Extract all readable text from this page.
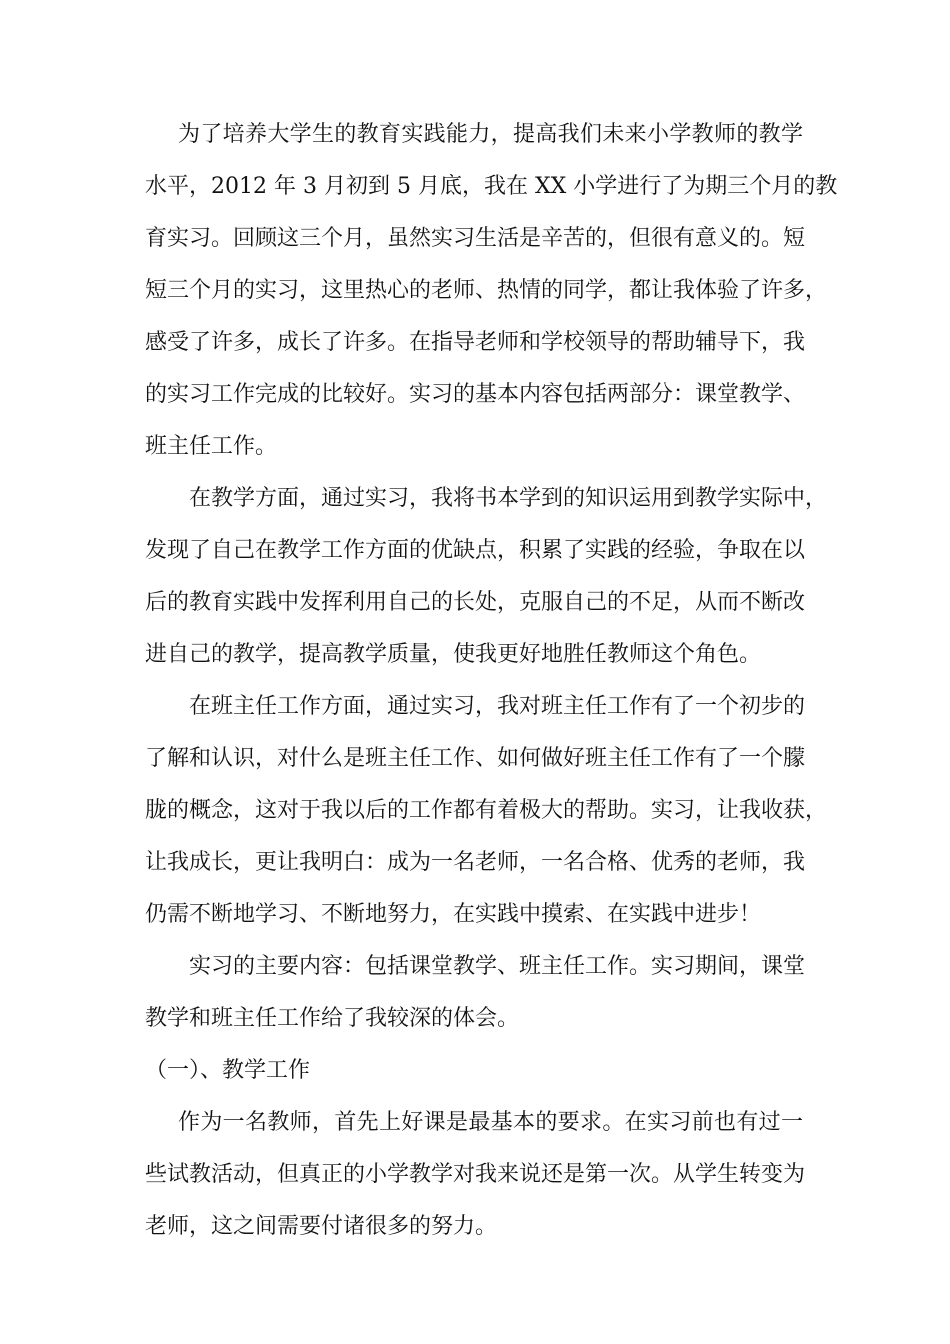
为了培养大学生的教育实践能力，提高我们未来小学教师的教学
水平，2012 年 3 月初到 5 月底，我在 XX 小学进行了为期三个月的教
育实习。回顾这三个月，虽然实习生活是辛苦的，但很有意义的。短
短三个月的实习，这里热心的老师、热情的同学，都让我体验了许多，
感受了许多，成长了许多。在指导老师和学校领导的帮助辅导下，我
的实习工作完成的比较好。实习的基本内容包括两部分：课堂教学、
班主任工作。
在教学方面，通过实习，我将书本学到的知识运用到教学实际中，
发现了自己在教学工作方面的优缺点，积累了实践的经验，争取在以
后的教育实践中发挥利用自己的长处，克服自己的不足，从而不断改
进自己的教学，提高教学质量，使我更好地胜任教师这个角色。
在班主任工作方面，通过实习，我对班主任工作有了一个初步的
了解和认识，对什么是班主任工作、如何做好班主任工作有了一个朦
胧的概念，这对于我以后的工作都有着极大的帮助。实习，让我收获，
让我成长，更让我明白：成为一名老师，一名合格、优秀的老师，我
仍需不断地学习、不断地努力，在实践中摸索、在实践中进步！
实习的主要内容：包括课堂教学、班主任工作。实习期间，课堂
教学和班主任工作给了我较深的体会。
（一）、教学工作
作为一名教师，首先上好课是最基本的要求。在实习前也有过一
些试教活动，但真正的小学教学对我来说还是第一次。从学生转变为
老师，这之间需要付诸很多的努力。
